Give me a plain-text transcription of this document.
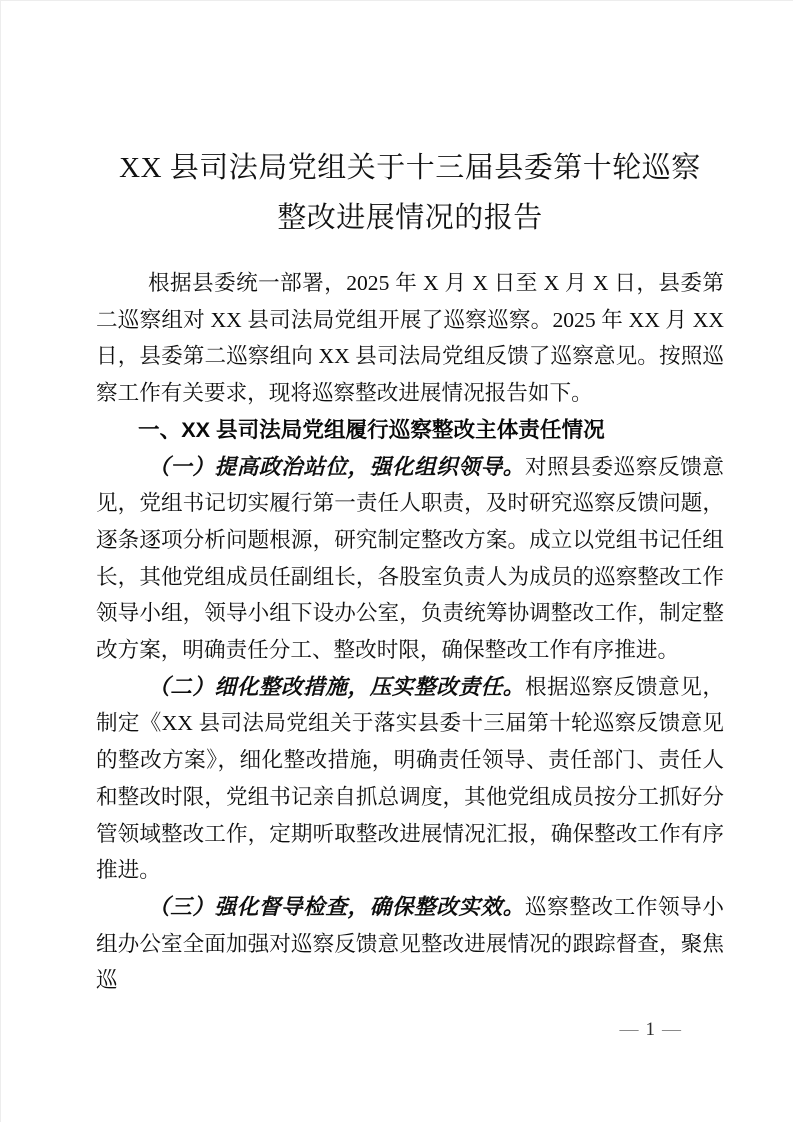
XX 县司法局党组关于十三届县委第十轮巡察
整改进展情况的报告

根据县委统一部署，2025 年 X 月 X 日至 X 月 X 日，县委第二巡察组对 XX 县司法局党组开展了巡察巡察。2025 年 XX 月 XX 日，县委第二巡察组向 XX 县司法局党组反馈了巡察意见。按照巡察工作有关要求，现将巡察整改进展情况报告如下。

一、XX 县司法局党组履行巡察整改主体责任情况

（一）提高政治站位，强化组织领导。对照县委巡察反馈意见，党组书记切实履行第一责任人职责，及时研究巡察反馈问题，逐条逐项分析问题根源，研究制定整改方案。成立以党组书记任组长，其他党组成员任副组长，各股室负责人为成员的巡察整改工作领导小组，领导小组下设办公室，负责统筹协调整改工作，制定整改方案，明确责任分工、整改时限，确保整改工作有序推进。

（二）细化整改措施，压实整改责任。根据巡察反馈意见，制定《XX 县司法局党组关于落实县委十三届第十轮巡察反馈意见的整改方案》，细化整改措施，明确责任领导、责任部门、责任人和整改时限，党组书记亲自抓总调度，其他党组成员按分工抓好分管领域整改工作，定期听取整改进展情况汇报，确保整改工作有序推进。

（三）强化督导检查，确保整改实效。巡察整改工作领导小组办公室全面加强对巡察反馈意见整改进展情况的跟踪督查，聚焦巡

— 1 —
